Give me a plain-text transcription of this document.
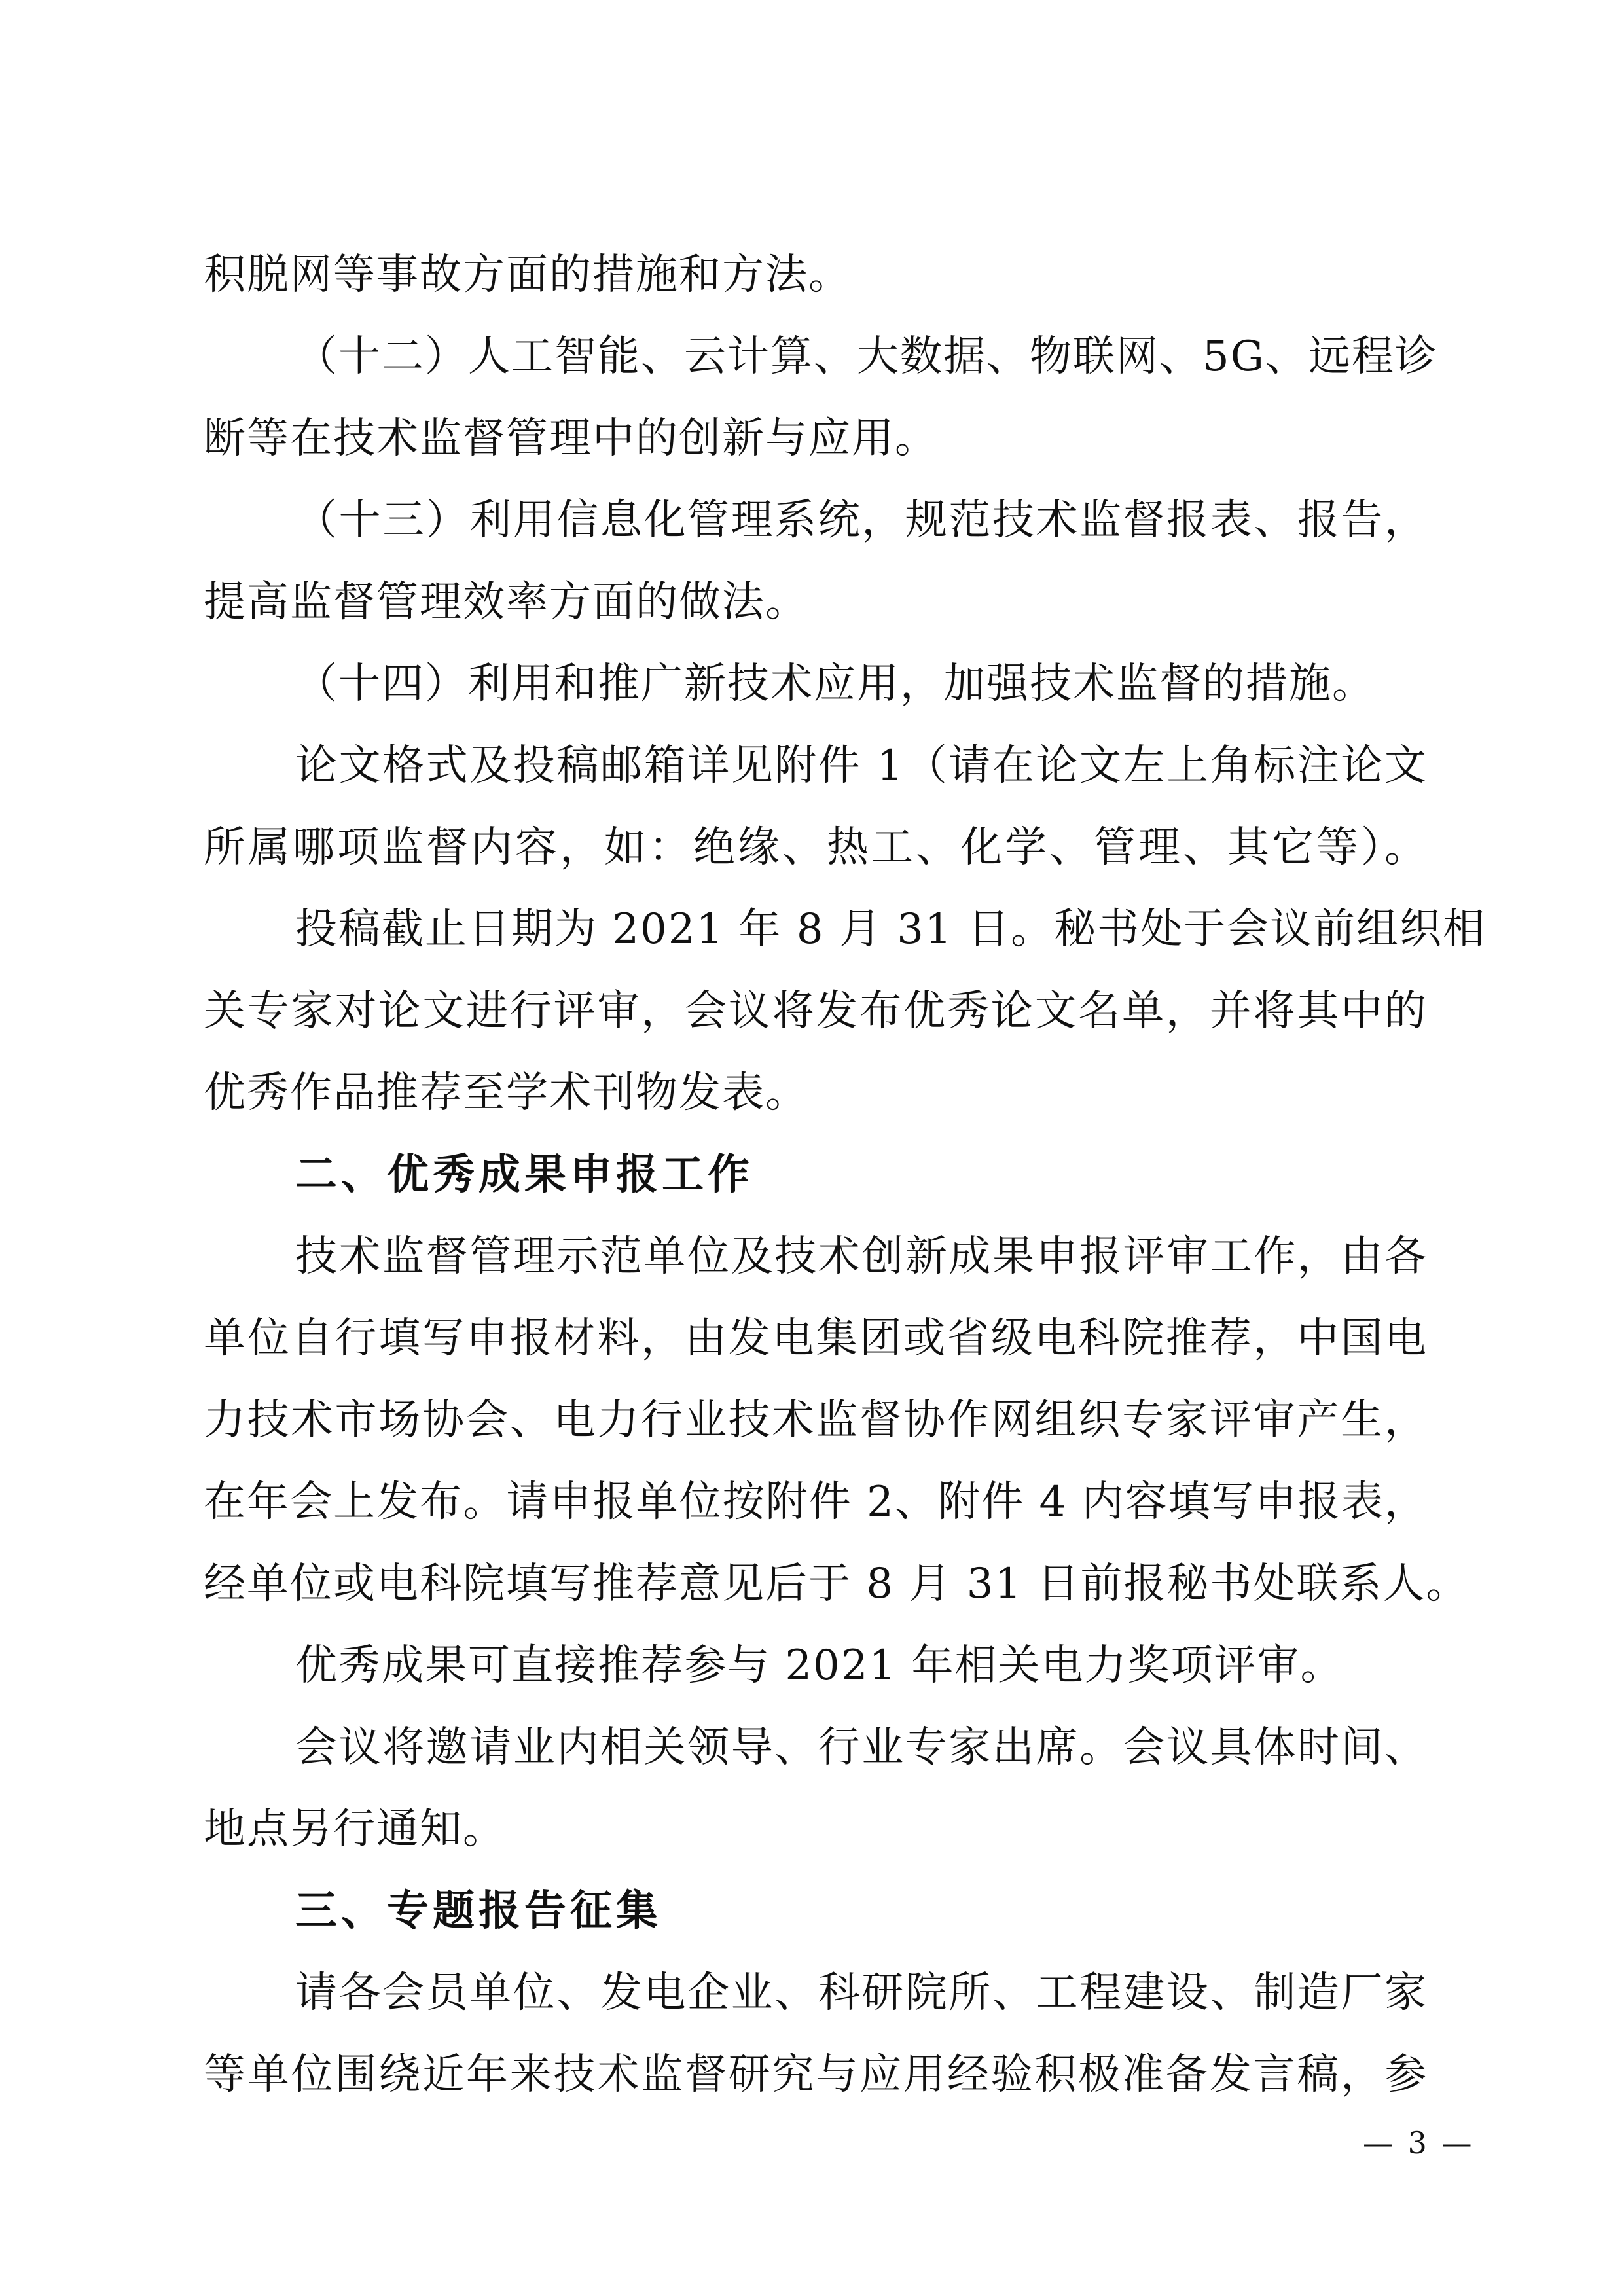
积脱网等事故方面的措施和方法。
（十二）人工智能、云计算、大数据、物联网、5G、远程诊
断等在技术监督管理中的创新与应用。
（十三）利用信息化管理系统，规范技术监督报表、报告，
提高监督管理效率方面的做法。
（十四）利用和推广新技术应用，加强技术监督的措施。
论文格式及投稿邮箱详见附件 1（请在论文左上角标注论文
所属哪项监督内容，如：绝缘、热工、化学、管理、其它等）。
投稿截止日期为 2021 年 8 月 31 日。秘书处于会议前组织相
关专家对论文进行评审，会议将发布优秀论文名单，并将其中的
优秀作品推荐至学术刊物发表。
二、优秀成果申报工作
技术监督管理示范单位及技术创新成果申报评审工作，由各
单位自行填写申报材料，由发电集团或省级电科院推荐，中国电
力技术市场协会、电力行业技术监督协作网组织专家评审产生，
在年会上发布。请申报单位按附件 2、附件 4 内容填写申报表，
经单位或电科院填写推荐意见后于 8 月 31 日前报秘书处联系人。
优秀成果可直接推荐参与 2021 年相关电力奖项评审。
会议将邀请业内相关领导、行业专家出席。会议具体时间、
地点另行通知。
三、专题报告征集
请各会员单位、发电企业、科研院所、工程建设、制造厂家
等单位围绕近年来技术监督研究与应用经验积极准备发言稿，参
— 3 —
